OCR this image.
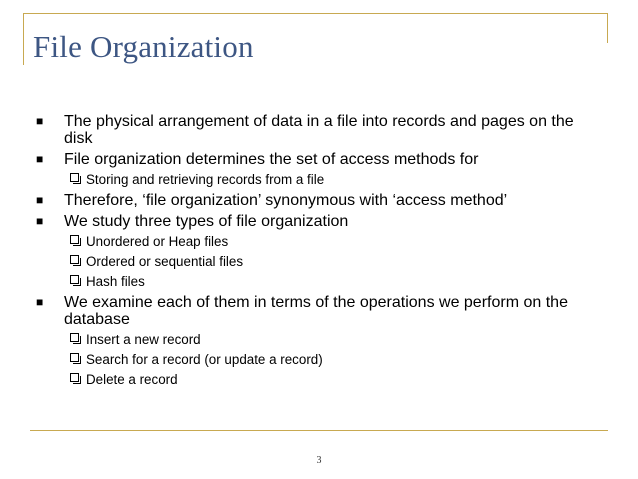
File Organization
■ The physical arrangement of data in a file into records and pages on the disk
■ File organization determines the set of access methods for
Storing and retrieving records from a file
■ Therefore, ‘file organization’ synonymous with ‘access method’
■ We study three types of file organization
Unordered or Heap files
Ordered or sequential files
Hash files
■ We examine each of them in terms of the operations we perform on the database
Insert a new record
Search for a record (or update a record)
Delete a record
3
